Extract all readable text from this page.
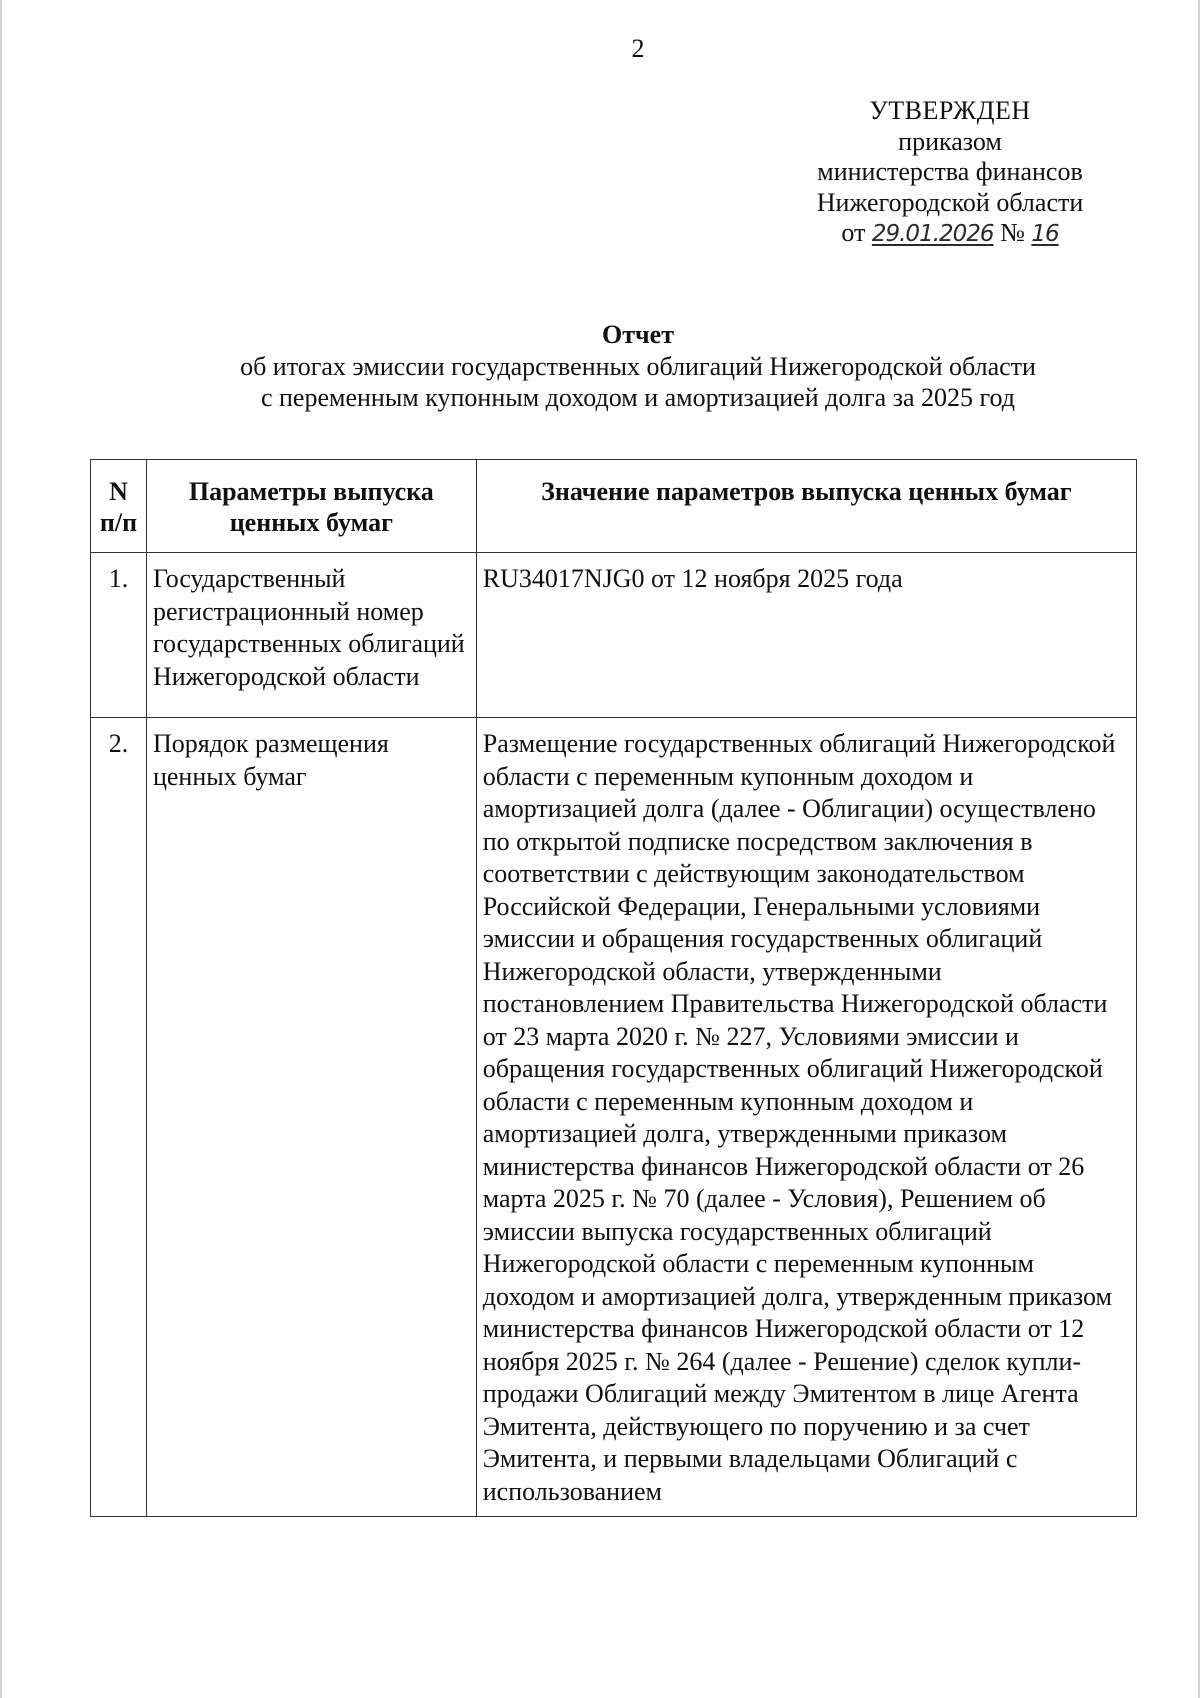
2
УТВЕРЖДЕН
приказом
министерства финансов
Нижегородской области
от 29.01.2026 № 16
Отчет
об итогах эмиссии государственных облигаций Нижегородской области
с переменным купонным доходом и амортизацией долга за 2025 год
N п/п	Параметры выпуска ценных бумаг	Значение параметров выпуска ценных бумаг
1.	Государственный регистрационный номер государственных облигаций Нижегородской области	RU34017NJG0 от 12 ноября 2025 года
2.	Порядок размещения ценных бумаг	Размещение государственных облигаций Нижегородской области с переменным купонным доходом и амортизацией долга (далее - Облигации) осуществлено по открытой подписке посредством заключения в соответствии с действующим законодательством Российской Федерации, Генеральными условиями эмиссии и обращения государственных облигаций Нижегородской области, утвержденными постановлением Правительства Нижегородской области от 23 марта 2020 г. № 227, Условиями эмиссии и обращения государственных облигаций Нижегородской области с переменным купонным доходом и амортизацией долга, утвержденными приказом министерства финансов Нижегородской области от 26 марта 2025 г. № 70 (далее - Условия), Решением об эмиссии выпуска государственных облигаций Нижегородской области с переменным купонным доходом и амортизацией долга, утвержденным приказом министерства финансов Нижегородской области от 12 ноября 2025 г. № 264 (далее - Решение) сделок купли-продажи Облигаций между Эмитентом в лице Агента Эмитента, действующего по поручению и за счет Эмитента, и первыми владельцами Облигаций с использованием
